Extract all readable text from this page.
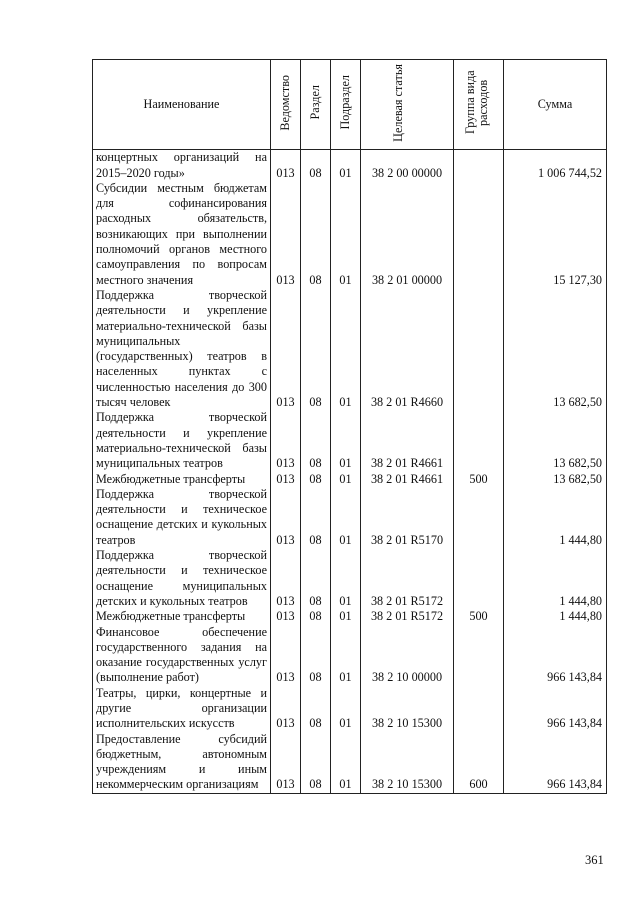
Наименование	Ведомство	Раздел	Подраздел	Целевая статья	Группа вида расходов	Сумма
концертных организаций на 2015–2020 годы»	013	08	01	38 2 00 00000		1 006 744,52
Субсидии местным бюджетам для софинансирования расходных обязательств, возникающих при выполнении полномочий органов местного самоуправления по вопросам местного значения	013	08	01	38 2 01 00000		15 127,30
Поддержка творческой деятельности и укрепление материально-технической базы муниципальных (государственных) театров в населенных пунктах с численностью населения до 300 тысяч человек	013	08	01	38 2 01 R4660		13 682,50
Поддержка творческой деятельности и укрепление материально-технической базы муниципальных театров	013	08	01	38 2 01 R4661		13 682,50
Межбюджетные трансферты	013	08	01	38 2 01 R4661	500	13 682,50
Поддержка творческой деятельности и техническое оснащение детских и кукольных театров	013	08	01	38 2 01 R5170		1 444,80
Поддержка творческой деятельности и техническое оснащение муниципальных детских и кукольных театров	013	08	01	38 2 01 R5172		1 444,80
Межбюджетные трансферты	013	08	01	38 2 01 R5172	500	1 444,80
Финансовое обеспечение государственного задания на оказание государственных услуг (выполнение работ)	013	08	01	38 2 10 00000		966 143,84
Театры, цирки, концертные и другие организации исполнительских искусств	013	08	01	38 2 10 15300		966 143,84
Предоставление субсидий бюджетным, автономным учреждениям и иным некоммерческим организациям	013	08	01	38 2 10 15300	600	966 143,84
361
